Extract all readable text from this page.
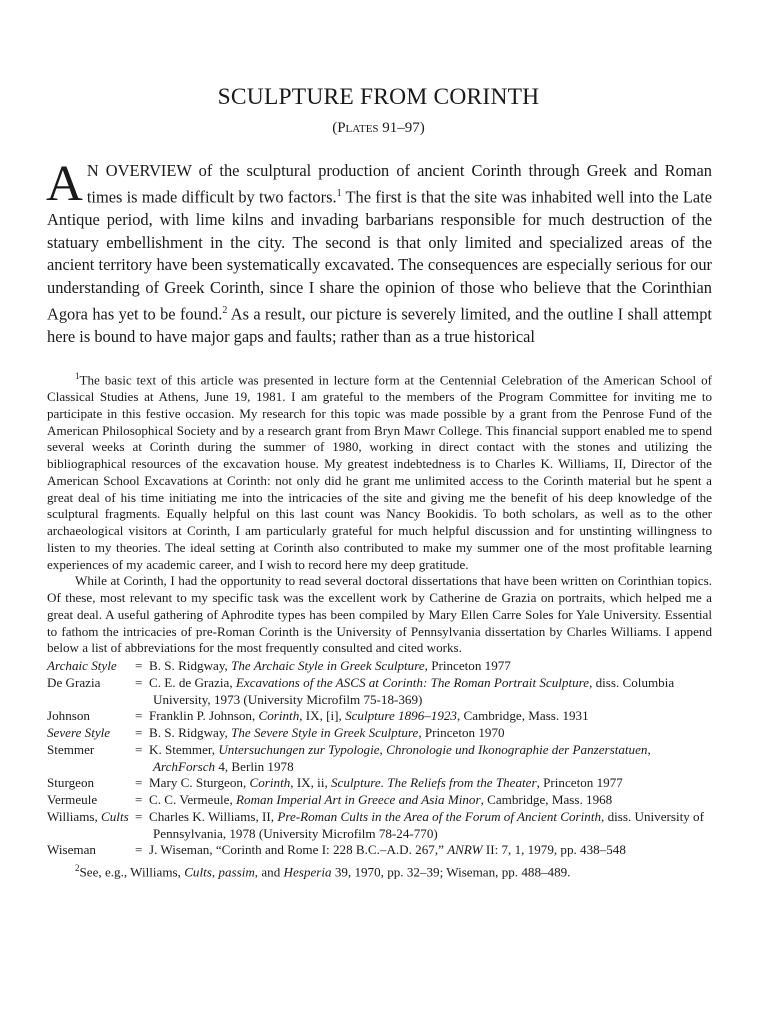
SCULPTURE FROM CORINTH
(Plates 91–97)

A N OVERVIEW of the sculptural production of ancient Corinth through Greek and Roman times is made difficult by two factors.$^1$ The first is that the site was inhabited well into the Late Antique period, with lime kilns and invading barbarians responsible for much destruction of the statuary embellishment in the city. The second is that only limited and specialized areas of the ancient territory have been systematically excavated. The consequences are especially serious for our understanding of Greek Corinth, since I share the opinion of those who believe that the Corinthian Agora has yet to be found.$^2$ As a result, our picture is severely limited, and the outline I shall attempt here is bound to have major gaps and faults; rather than as a true historical

$^1$The basic text of this article was presented in lecture form at the Centennial Celebration of the American School of Classical Studies at Athens, June 19, 1981. I am grateful to the members of the Program Committee for inviting me to participate in this festive occasion. My research for this topic was made possible by a grant from the Penrose Fund of the American Philosophical Society and by a research grant from Bryn Mawr College. This financial support enabled me to spend several weeks at Corinth during the summer of 1980, working in direct contact with the stones and utilizing the bibliographical resources of the excavation house. My greatest indebtedness is to Charles K. Williams, II, Director of the American School Excavations at Corinth: not only did he grant me unlimited access to the Corinth material but he spent a great deal of his time initiating me into the intricacies of the site and giving me the benefit of his deep knowledge of the sculptural fragments. Equally helpful on this last count was Nancy Bookidis. To both scholars, as well as to the other archaeological visitors at Corinth, I am particularly grateful for much helpful discussion and for unstinting willingness to listen to my theories. The ideal setting at Corinth also contributed to make my summer one of the most profitable learning experiences of my academic career, and I wish to record here my deep gratitude.

While at Corinth, I had the opportunity to read several doctoral dissertations that have been written on Corinthian topics. Of these, most relevant to my specific task was the excellent work by Catherine de Grazia on portraits, which helped me a great deal. A useful gathering of Aphrodite types has been compiled by Mary Ellen Carre Soles for Yale University. Essential to fathom the intricacies of pre-Roman Corinth is the University of Pennsylvania dissertation by Charles Williams. I append below a list of abbreviations for the most frequently consulted and cited works.

Archaic Style	=	B. S. Ridgway, The Archaic Style in Greek Sculpture, Princeton 1977
De Grazia	=	C. E. de Grazia, Excavations of the ASCS at Corinth: The Roman Portrait Sculpture, diss. Columbia University, 1973 (University Microfilm 75-18-369)
Johnson	=	Franklin P. Johnson, Corinth, IX, [i], Sculpture 1896–1923, Cambridge, Mass. 1931
Severe Style	=	B. S. Ridgway, The Severe Style in Greek Sculpture, Princeton 1970
Stemmer	=	K. Stemmer, Untersuchungen zur Typologie, Chronologie und Ikonographie der Panzerstatuen, ArchForsch 4, Berlin 1978
Sturgeon	=	Mary C. Sturgeon, Corinth, IX, ii, Sculpture. The Reliefs from the Theater, Princeton 1977
Vermeule	=	C. C. Vermeule, Roman Imperial Art in Greece and Asia Minor, Cambridge, Mass. 1968
Williams, Cults	=	Charles K. Williams, II, Pre-Roman Cults in the Area of the Forum of Ancient Corinth, diss. University of Pennsylvania, 1978 (University Microfilm 78-24-770)
Wiseman	=	J. Wiseman, “Corinth and Rome I: 228 B.C.–A.D. 267,” ANRW II: 7, 1, 1979, pp. 438–548

$^2$See, e.g., Williams, Cults, passim, and Hesperia 39, 1970, pp. 32–39; Wiseman, pp. 488–489.
